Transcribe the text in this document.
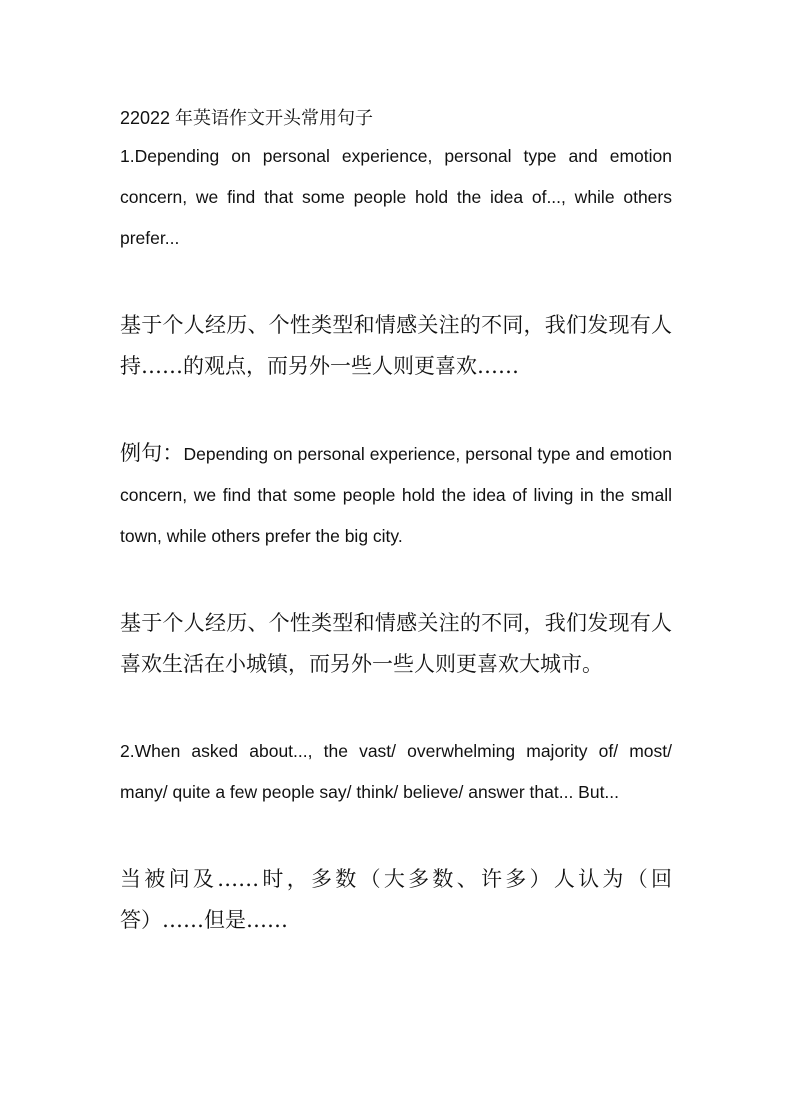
22022 年英语作文开头常用句子

1.Depending on personal experience, personal type and emotion concern, we find that some people hold the idea of..., while others prefer...

基于个人经历、个性类型和情感关注的不同，我们发现有人持……的观点，而另外一些人则更喜欢……

例句：Depending on personal experience, personal type and emotion concern, we find that some people hold the idea of living in the small town, while others prefer the big city.

基于个人经历、个性类型和情感关注的不同，我们发现有人喜欢生活在小城镇，而另外一些人则更喜欢大城市。

2.When asked about..., the vast/ overwhelming majority of/ most/ many/ quite a few people say/ think/ believe/ answer that... But...

当被问及……时，多数（大多数、许多）人认为（回答）……但是……
